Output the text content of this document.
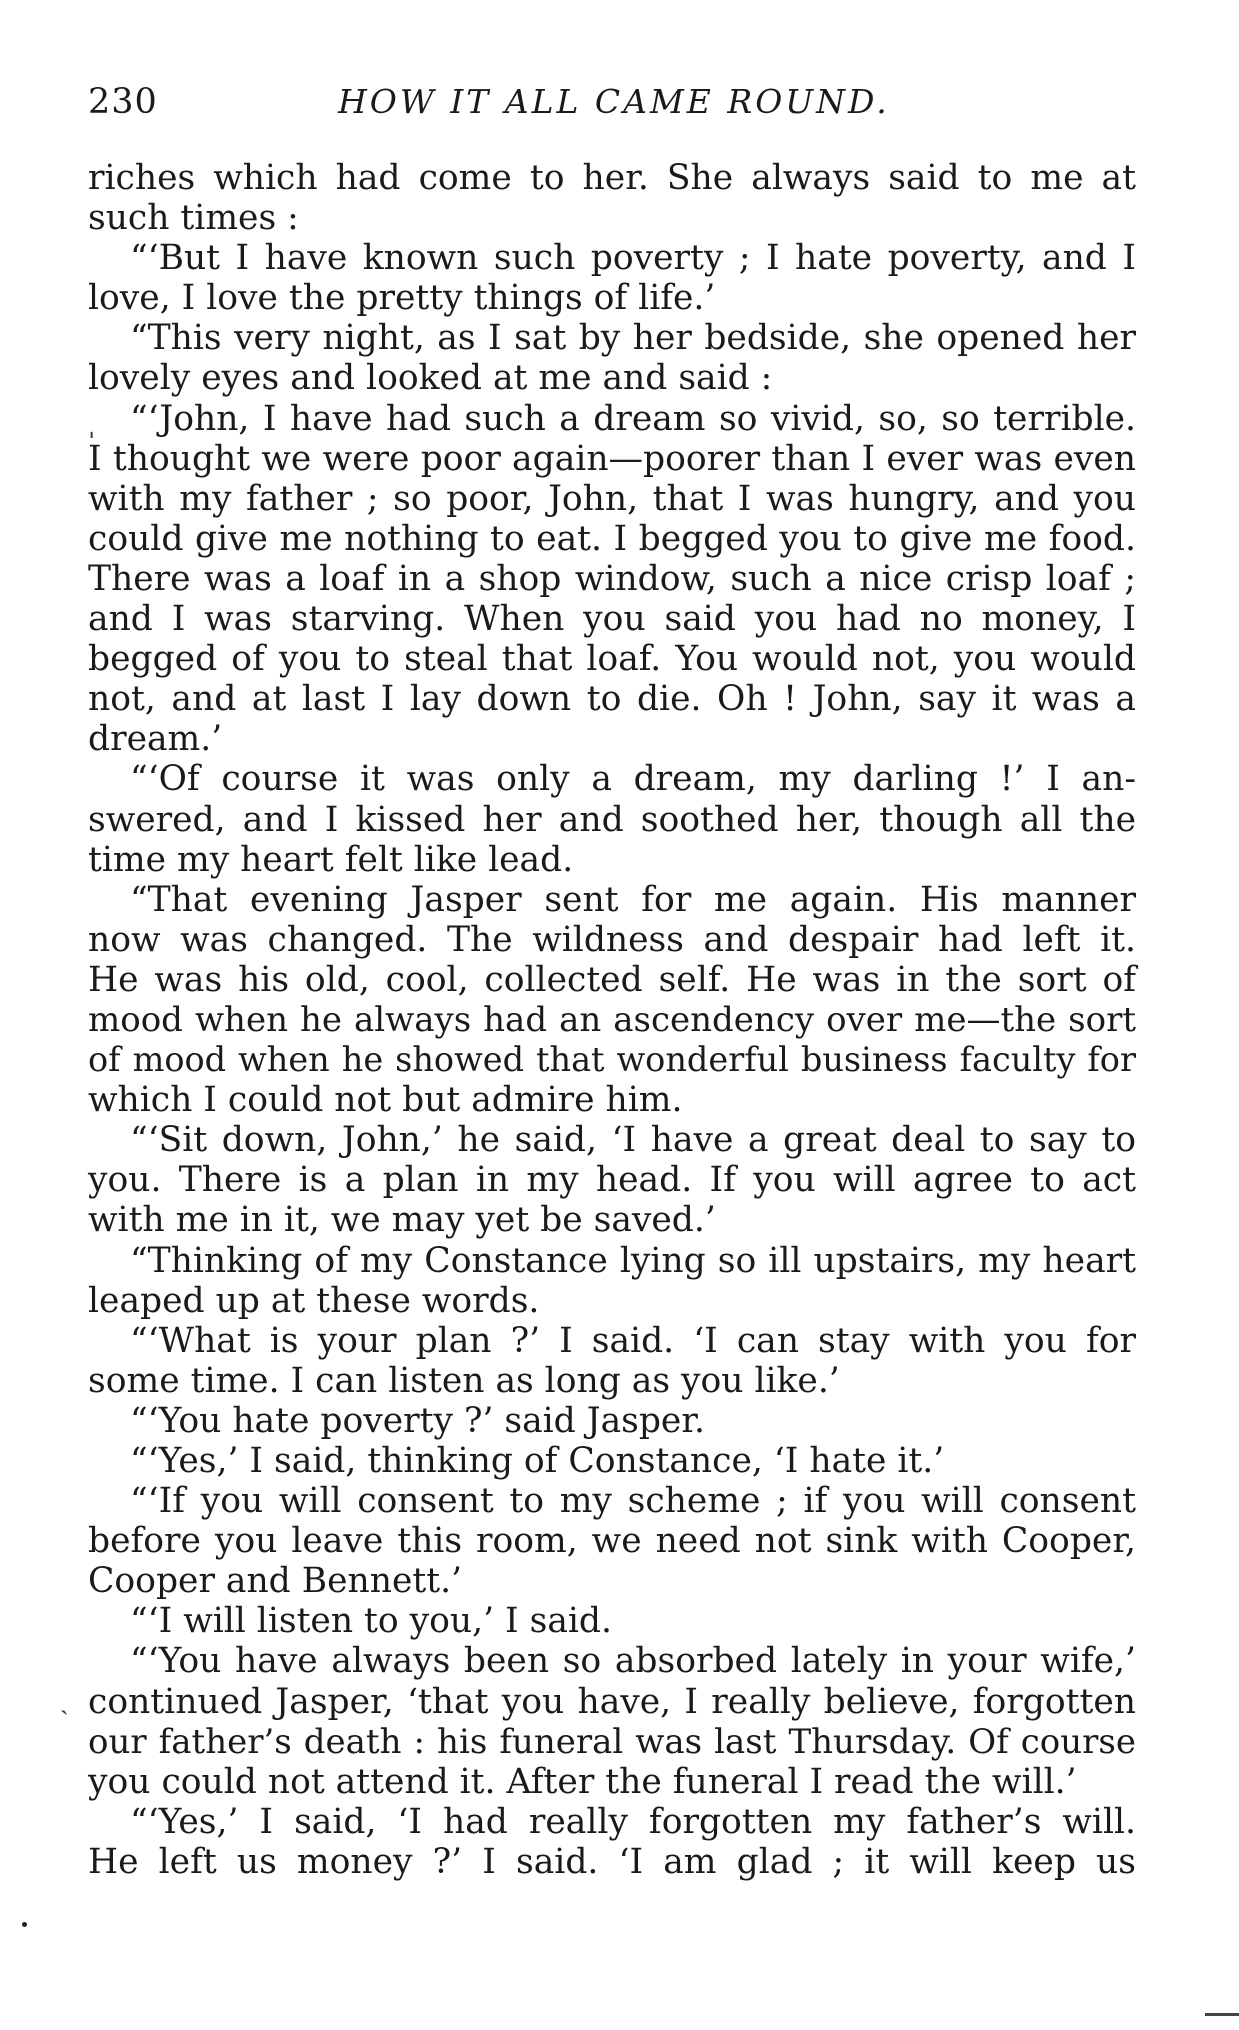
230	HOW IT ALL CAME ROUND.
riches which had come to her. She always said to me at
such times :
“‘But I have known such poverty ; I hate poverty, and I
love, I love the pretty things of life.’
“This very night, as I sat by her bedside, she opened her
lovely eyes and looked at me and said :
“‘John, I have had such a dream so vivid, so, so terrible.
I thought we were poor again—poorer than I ever was even
with my father ; so poor, John, that I was hungry, and you
could give me nothing to eat. I begged you to give me food.
There was a loaf in a shop window, such a nice crisp loaf ;
and I was starving. When you said you had no money, I
begged of you to steal that loaf. You would not, you would
not, and at last I lay down to die. Oh ! John, say it was a
dream.’
“‘Of course it was only a dream, my darling !’ I an-
swered, and I kissed her and soothed her, though all the
time my heart felt like lead.
“That evening Jasper sent for me again. His manner
now was changed. The wildness and despair had left it.
He was his old, cool, collected self. He was in the sort of
mood when he always had an ascendency over me—the sort
of mood when he showed that wonderful business faculty for
which I could not but admire him.
“‘Sit down, John,’ he said, ‘I have a great deal to say to
you. There is a plan in my head. If you will agree to act
with me in it, we may yet be saved.’
“Thinking of my Constance lying so ill upstairs, my heart
leaped up at these words.
“‘What is your plan ?’ I said. ‘I can stay with you for
some time. I can listen as long as you like.’
“‘You hate poverty ?’ said Jasper.
“‘Yes,’ I said, thinking of Constance, ‘I hate it.’
“‘If you will consent to my scheme ; if you will consent
before you leave this room, we need not sink with Cooper,
Cooper and Bennett.’
“‘I will listen to you,’ I said.
“‘You have always been so absorbed lately in your wife,’
continued Jasper, ‘that you have, I really believe, forgotten
our father’s death : his funeral was last Thursday. Of course
you could not attend it. After the funeral I read the will.’
“‘Yes,’ I said, ‘I had really forgotten my father’s will.
He left us money ?’ I said. ‘I am glad ; it will keep us
ˌ
ˏ
